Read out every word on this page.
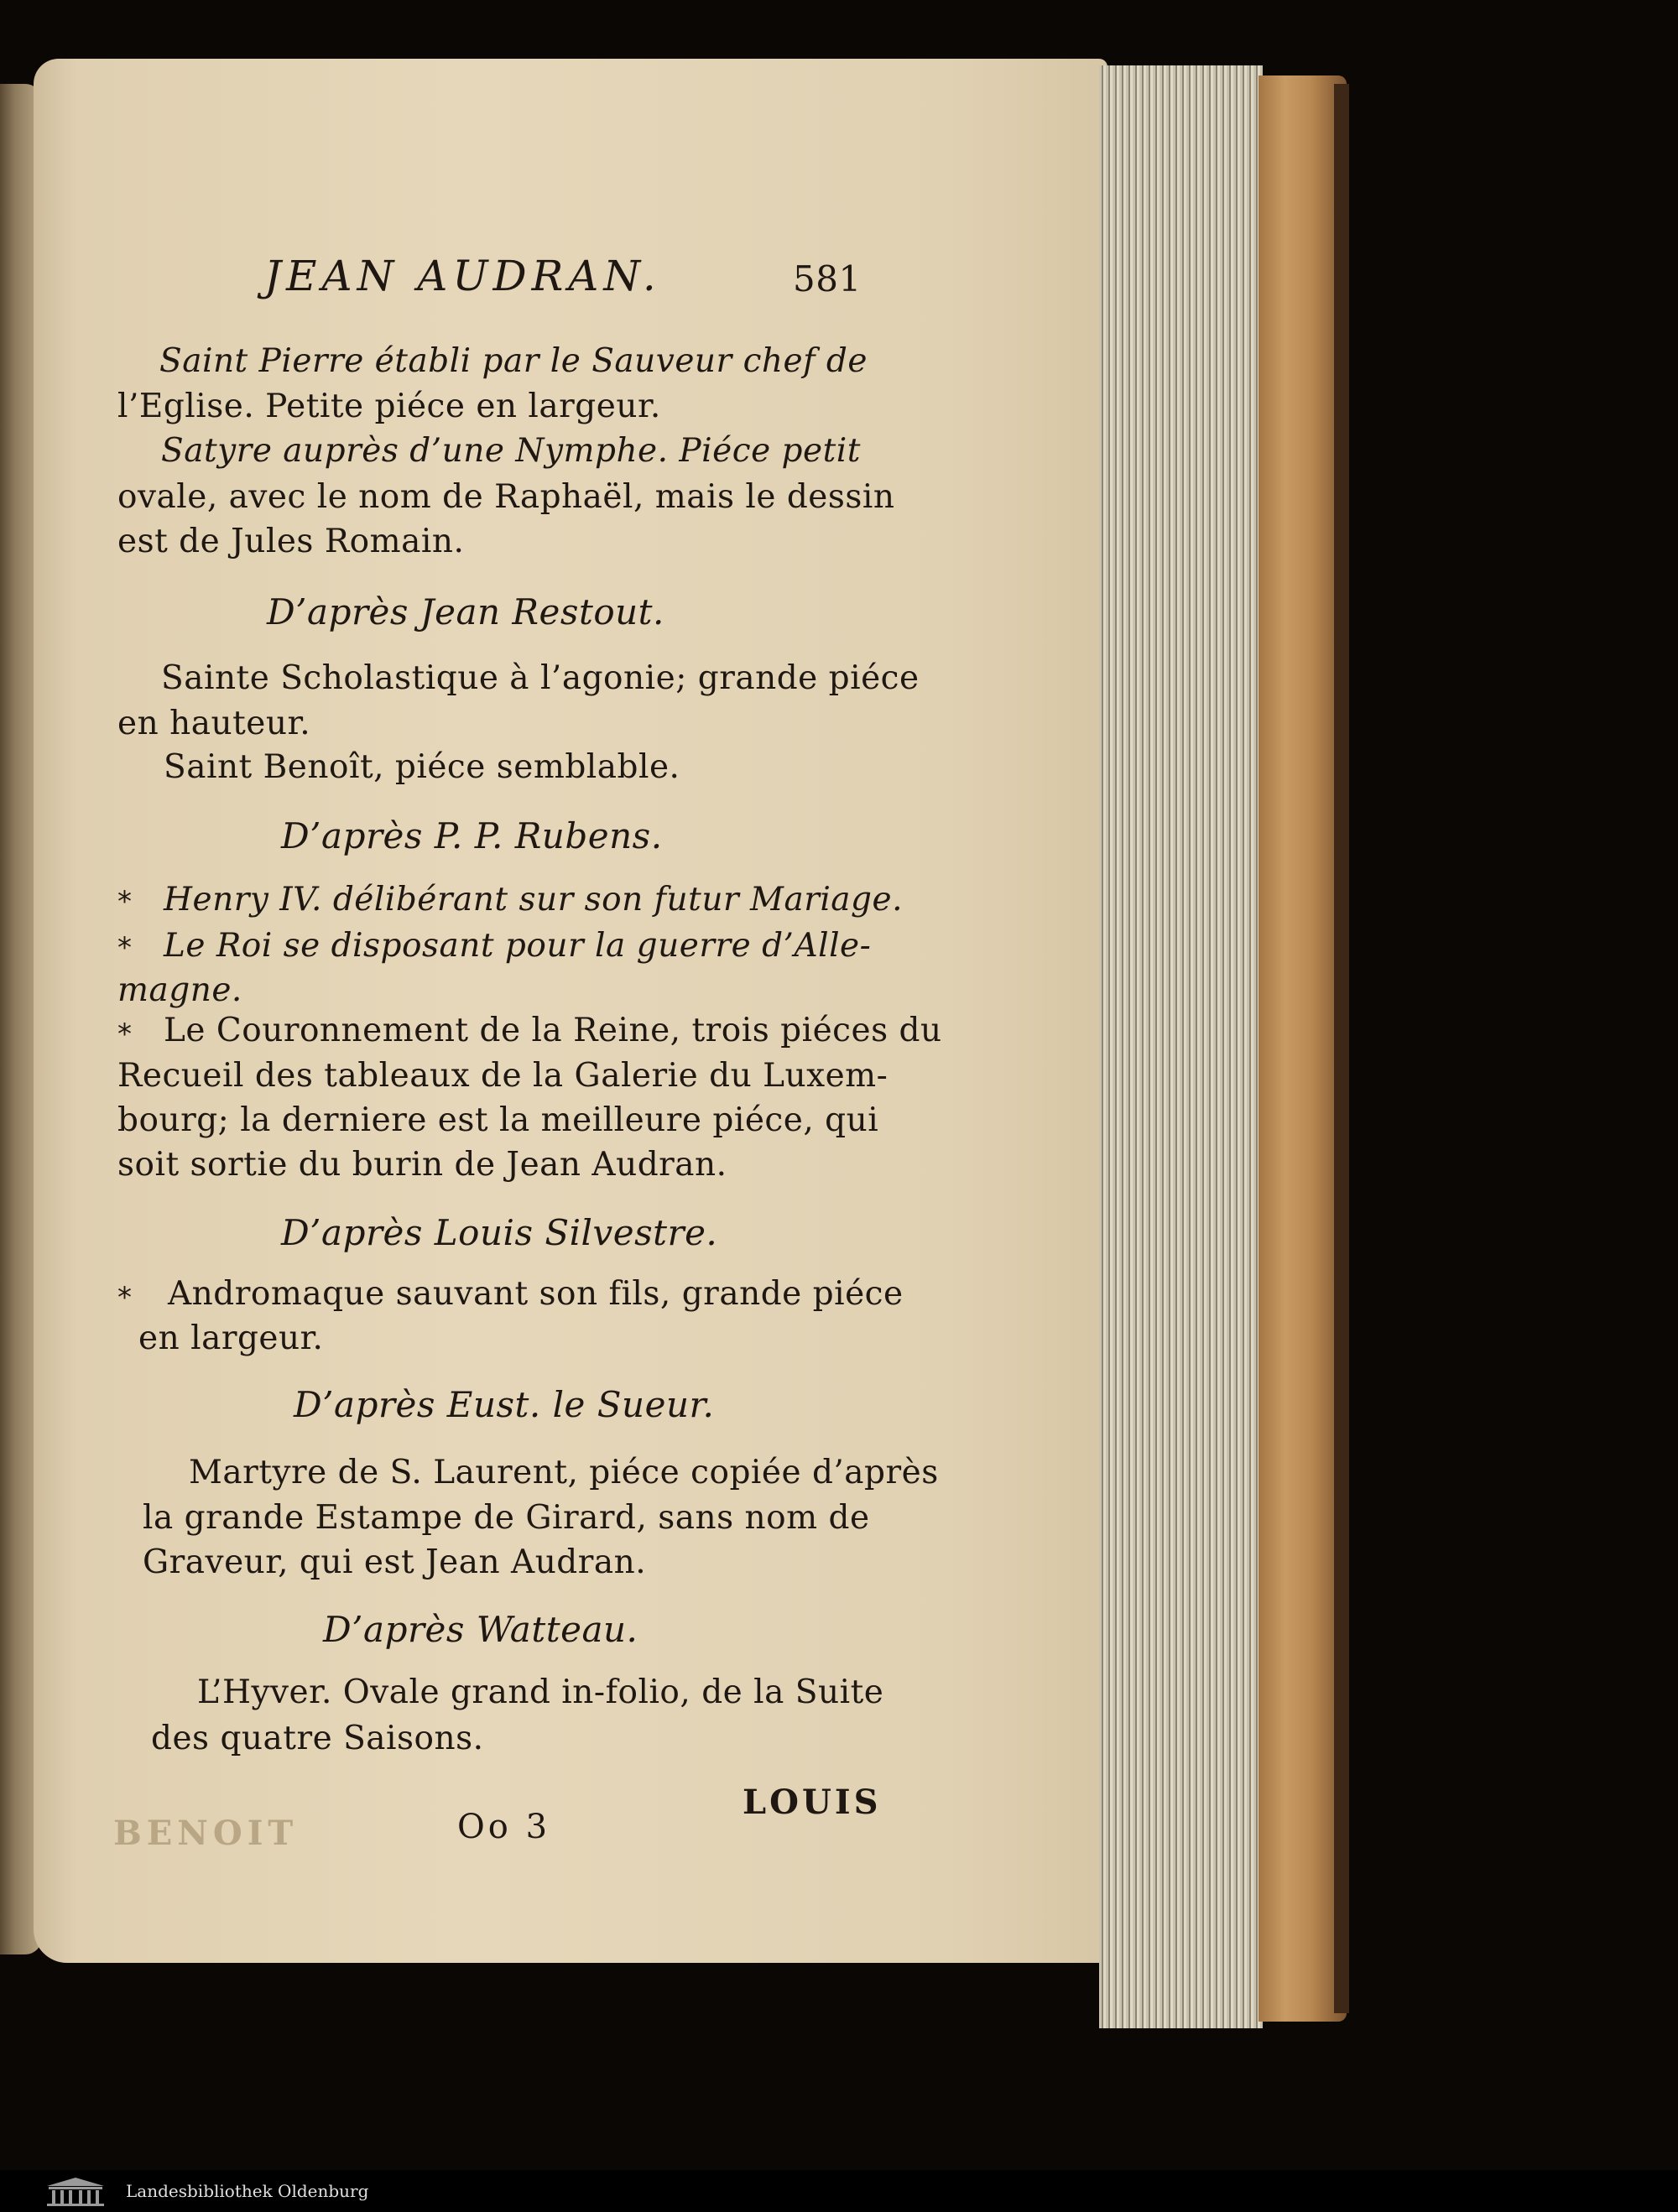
JEAN AUDRAN.	581
Saint Pierre établi par le Sauveur chef de
l’Eglise. Petite piéce en largeur.
Satyre auprès d’une Nymphe. Piéce petit
ovale, avec le nom de Raphaël, mais le dessin
est de Jules Romain.
D’après Jean Restout.
Sainte Scholastique à l’agonie; grande piéce
en hauteur.
Saint Benoît, piéce semblable.
D’après P. P. Rubens.
* Henry IV. délibérant sur son futur Mariage.
* Le Roi se disposant pour la guerre d’Alle-
magne.
* Le Couronnement de la Reine, trois piéces du
Recueil des tableaux de la Galerie du Luxem-
bourg; la derniere est la meilleure piéce, qui
soit sortie du burin de Jean Audran.
D’après Louis Silvestre.
* Andromaque sauvant son fils, grande piéce
en largeur.
D’après Eust. le Sueur.
Martyre de S. Laurent, piéce copiée d’après
la grande Estampe de Girard, sans nom de
Graveur, qui est Jean Audran.
D’après Watteau.
L’Hyver. Ovale grand in-folio, de la Suite
des quatre Saisons.
BENOIT	Oo 3
LOUIS
Landesbibliothek Oldenburg
